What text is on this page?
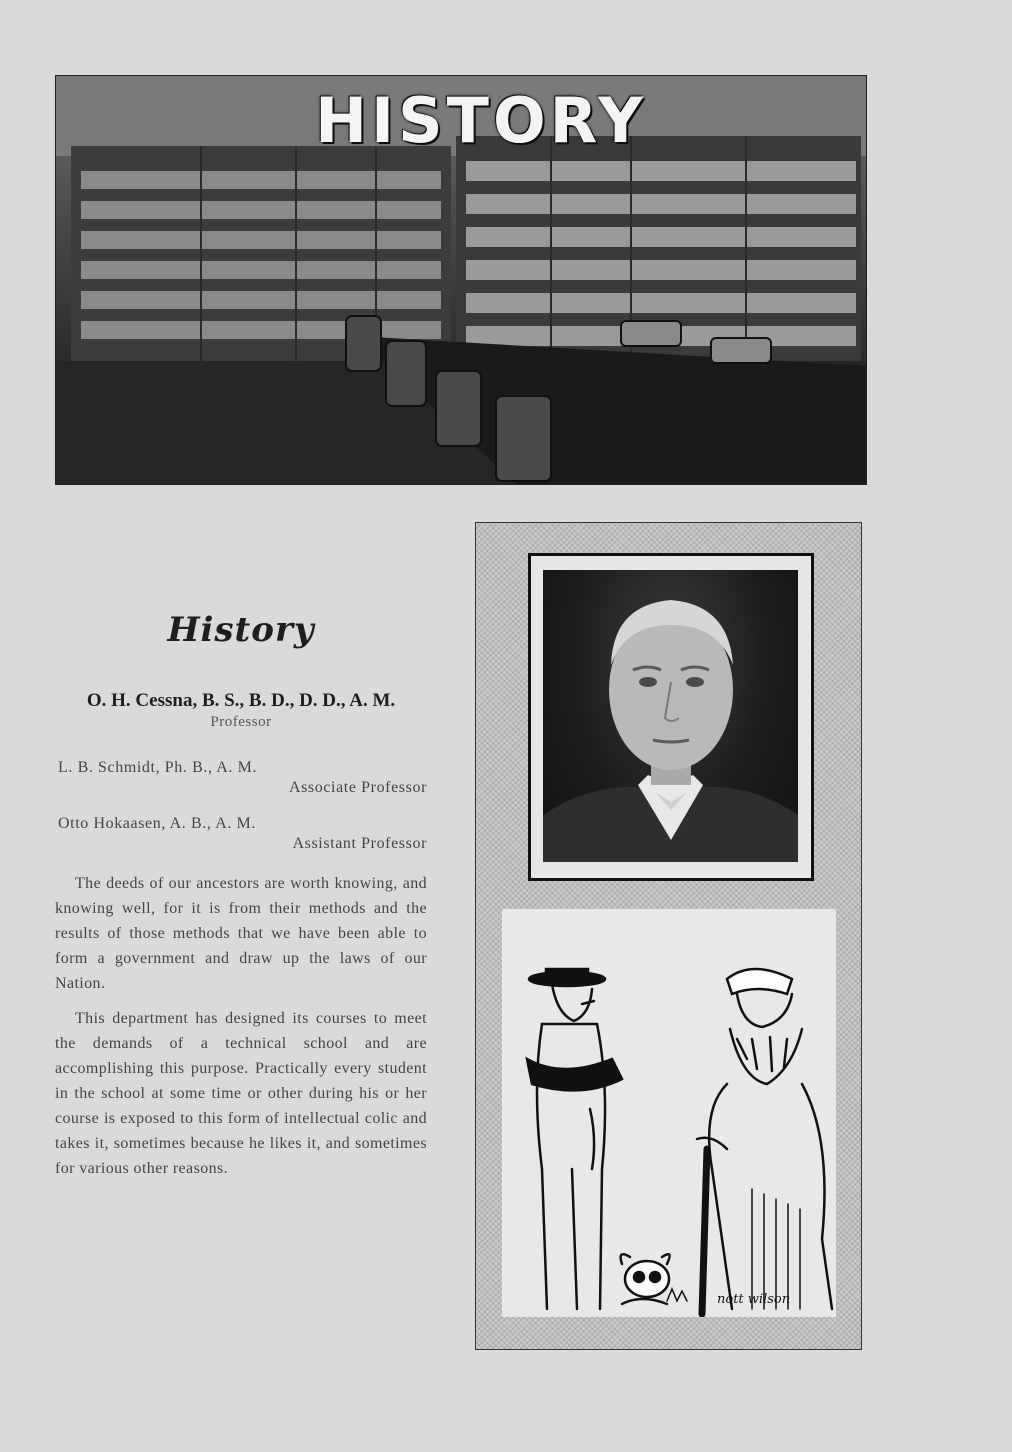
HISTORY
History

O. H. Cessna, B. S., B. D., D. D., A. M.

Professor

L. B. Schmidt, Ph. B., A. M.

Associate Professor

Otto Hokaasen, A. B., A. M.

Assistant Professor

The deeds of our ancestors are worth knowing, and knowing well, for it is from their methods and the results of those methods that we have been able to form a government and draw up the laws of our Nation.

This department has designed its courses to meet the demands of a technical school and are accomplishing this purpose. Practically every student in the school at some time or other during his or her course is exposed to this form of intellectual colic and takes it, sometimes because he likes it, and sometimes for various other reasons.

nott wilson
